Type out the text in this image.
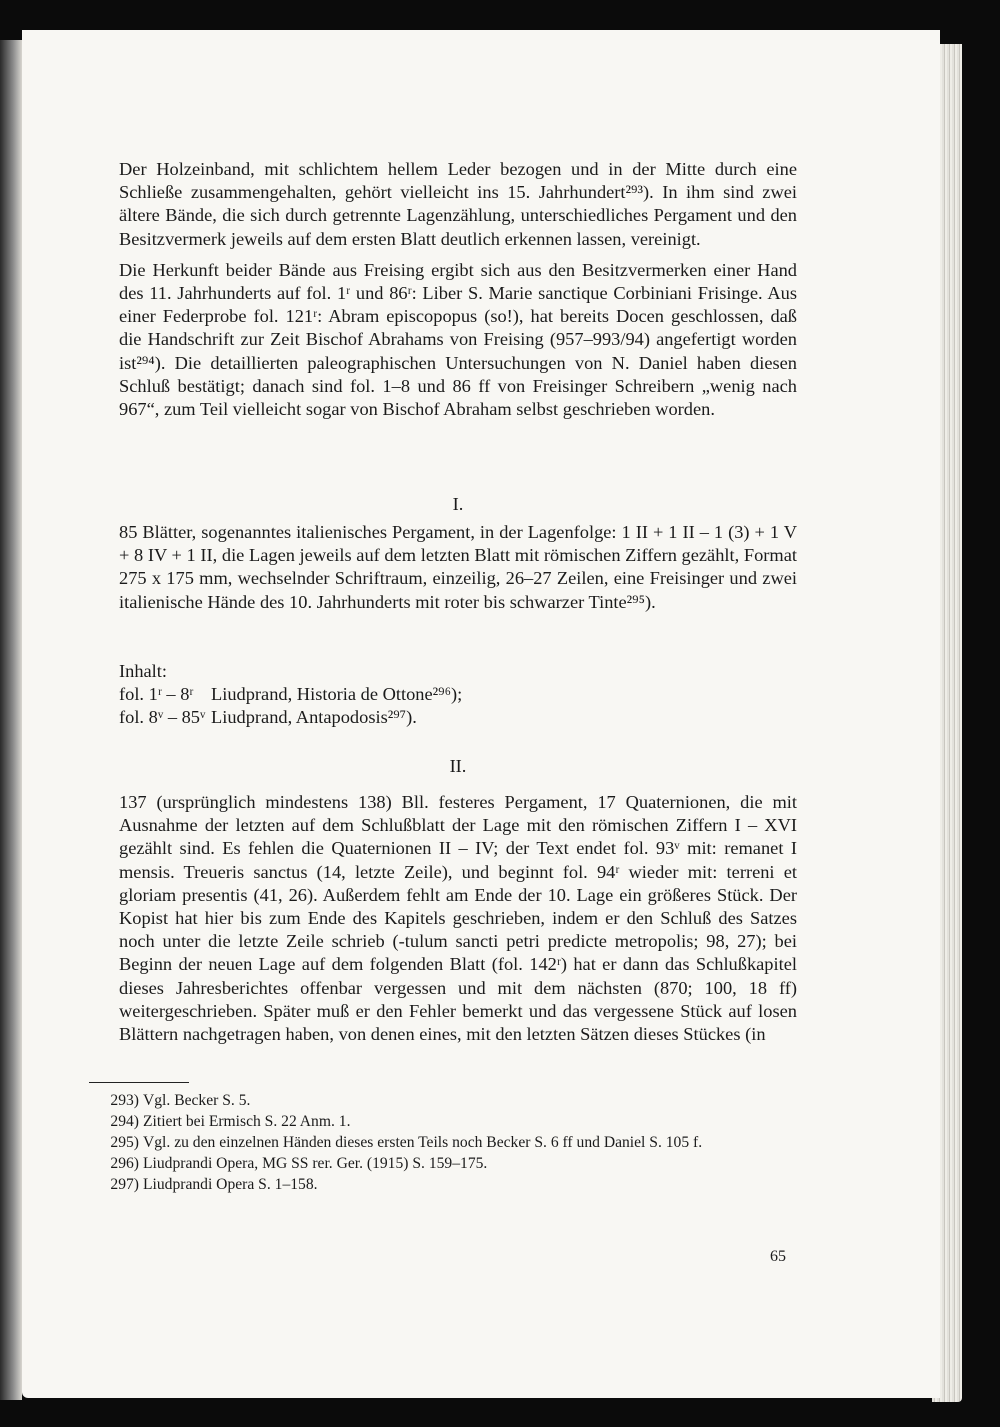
Der Holzeinband, mit schlichtem hellem Leder bezogen und in der Mitte durch eine Schließe zusammengehalten, gehört vielleicht ins 15. Jahrhundert²⁹³). In ihm sind zwei ältere Bände, die sich durch getrennte Lagenzählung, unterschiedliches Pergament und den Besitzvermerk jeweils auf dem ersten Blatt deutlich erkennen lassen, vereinigt.

Die Herkunft beider Bände aus Freising ergibt sich aus den Besitzvermerken einer Hand des 11. Jahrhunderts auf fol. 1ʳ und 86ʳ: Liber S. Marie sanctique Corbiniani Frisinge. Aus einer Federprobe fol. 121ʳ: Abram episcopopus (so!), hat bereits Docen geschlossen, daß die Handschrift zur Zeit Bischof Abrahams von Freising (957–993/94) angefertigt worden ist²⁹⁴). Die detaillierten paleographischen Untersuchungen von N. Daniel haben diesen Schluß bestätigt; danach sind fol. 1–8 und 86 ff von Freisinger Schreibern „wenig nach 967“, zum Teil vielleicht sogar von Bischof Abraham selbst geschrieben worden.

I.
85 Blätter, sogenanntes italienisches Pergament, in der Lagenfolge: 1 II + 1 II – 1 (3) + 1 V + 8 IV + 1 II, die Lagen jeweils auf dem letzten Blatt mit römischen Ziffern gezählt, Format 275 x 175 mm, wechselnder Schriftraum, einzeilig, 26–27 Zeilen, eine Freisinger und zwei italienische Hände des 10. Jahrhunderts mit roter bis schwarzer Tinte²⁹⁵).
Inhalt:
fol. 1ʳ – 8ʳ Liudprand, Historia de Ottone²⁹⁶);
fol. 8ᵛ – 85ᵛ Liudprand, Antapodosis²⁹⁷).
II.
137 (ursprünglich mindestens 138) Bll. festeres Pergament, 17 Quaternionen, die mit Ausnahme der letzten auf dem Schlußblatt der Lage mit den römischen Ziffern I – XVI gezählt sind. Es fehlen die Quaternionen II – IV; der Text endet fol. 93ᵛ mit: remanet I mensis. Treueris sanctus (14, letzte Zeile), und beginnt fol. 94ʳ wieder mit: terreni et gloriam presentis (41, 26). Außerdem fehlt am Ende der 10. Lage ein größeres Stück. Der Kopist hat hier bis zum Ende des Kapitels geschrieben, indem er den Schluß des Satzes noch unter die letzte Zeile schrieb (-tulum sancti petri predicte metropolis; 98, 27); bei Beginn der neuen Lage auf dem folgenden Blatt (fol. 142ʳ) hat er dann das Schlußkapitel dieses Jahresberichtes offenbar vergessen und mit dem nächsten (870; 100, 18 ff) weitergeschrieben. Später muß er den Fehler bemerkt und das vergessene Stück auf losen Blättern nachgetragen haben, von denen eines, mit den letzten Sätzen dieses Stückes (in
293) Vgl. Becker S. 5.
294) Zitiert bei Ermisch S. 22 Anm. 1.
295) Vgl. zu den einzelnen Händen dieses ersten Teils noch Becker S. 6 ff und Daniel S. 105 f.
296) Liudprandi Opera, MG SS rer. Ger. (1915) S. 159–175.
297) Liudprandi Opera S. 1–158.
65
